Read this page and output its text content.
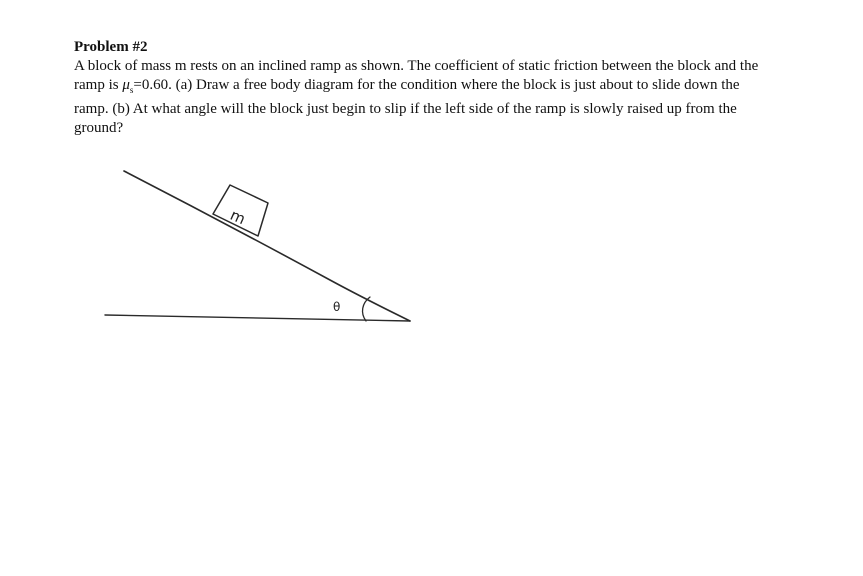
Problem #2

A block of mass m rests on an inclined ramp as shown. The coefficient of static friction between the block and the ramp is $\mu_s=0.60$. (a) Draw a free body diagram for the condition where the block is just about to slide down the ramp. (b) At what angle will the block just begin to slip if the left side of the ramp is slowly raised up from the ground?

m
θ
